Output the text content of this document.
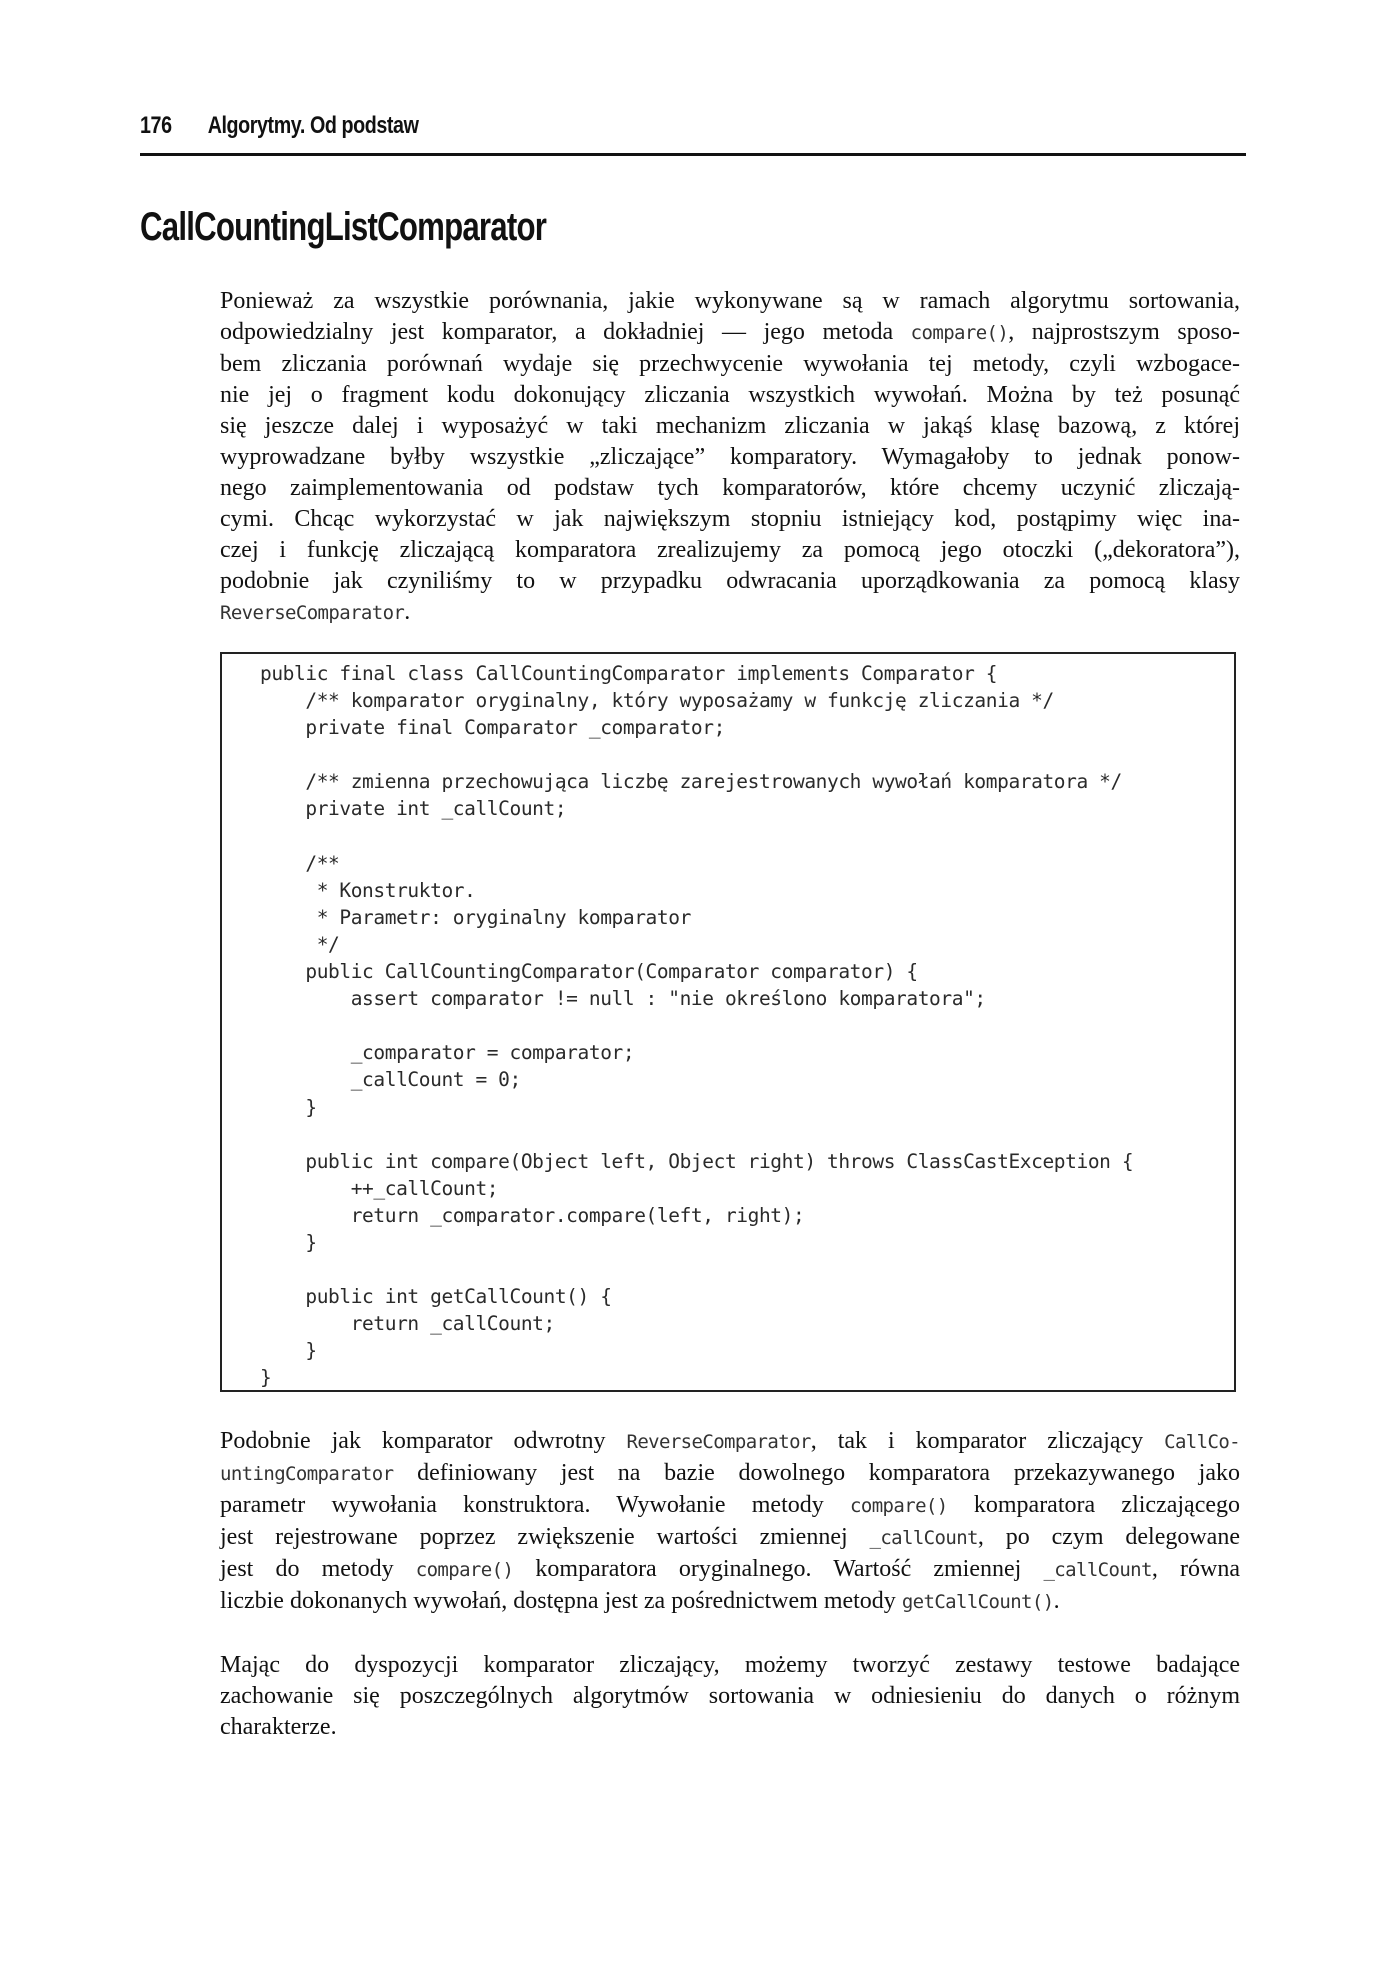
176 Algorytmy. Od podstaw
CallCountingListComparator
Ponieważ za wszystkie porównania, jakie wykonywane są w ramach algorytmu sortowania,
odpowiedzialny jest komparator, a dokładniej — jego metoda compare(), najprostszym sposo-
bem zliczania porównań wydaje się przechwycenie wywołania tej metody, czyli wzbogace-
nie jej o fragment kodu dokonujący zliczania wszystkich wywołań. Można by też posunąć
się jeszcze dalej i wyposażyć w taki mechanizm zliczania w jakąś klasę bazową, z której
wyprowadzane byłby wszystkie „zliczające” komparatory. Wymagałoby to jednak ponow-
nego zaimplementowania od podstaw tych komparatorów, które chcemy uczynić zliczają-
cymi. Chcąc wykorzystać w jak największym stopniu istniejący kod, postąpimy więc ina-
czej i funkcję zliczającą komparatora zrealizujemy za pomocą jego otoczki („dekoratora”),
podobnie jak czyniliśmy to w przypadku odwracania uporządkowania za pomocą klasy
ReverseComparator.
public final class CallCountingComparator implements Comparator {
/** komparator oryginalny, który wyposażamy w funkcję zliczania */
private final Comparator _comparator;
/** zmienna przechowująca liczbę zarejestrowanych wywołań komparatora */
private int _callCount;
/**
* Konstruktor.
* Parametr: oryginalny komparator
*/
public CallCountingComparator(Comparator comparator) {
assert comparator != null : "nie określono komparatora";
_comparator = comparator;
_callCount = 0;
}
public int compare(Object left, Object right) throws ClassCastException {
++_callCount;
return _comparator.compare(left, right);
}
public int getCallCount() {
return _callCount;
}
}
Podobnie jak komparator odwrotny ReverseComparator, tak i komparator zliczający CallCo-
untingComparator definiowany jest na bazie dowolnego komparatora przekazywanego jako
parametr wywołania konstruktora. Wywołanie metody compare() komparatora zliczającego
jest rejestrowane poprzez zwiększenie wartości zmiennej _callCount, po czym delegowane
jest do metody compare() komparatora oryginalnego. Wartość zmiennej _callCount, równa
liczbie dokonanych wywołań, dostępna jest za pośrednictwem metody getCallCount().
Mając do dyspozycji komparator zliczający, możemy tworzyć zestawy testowe badające
zachowanie się poszczególnych algorytmów sortowania w odniesieniu do danych o różnym
charakterze.
